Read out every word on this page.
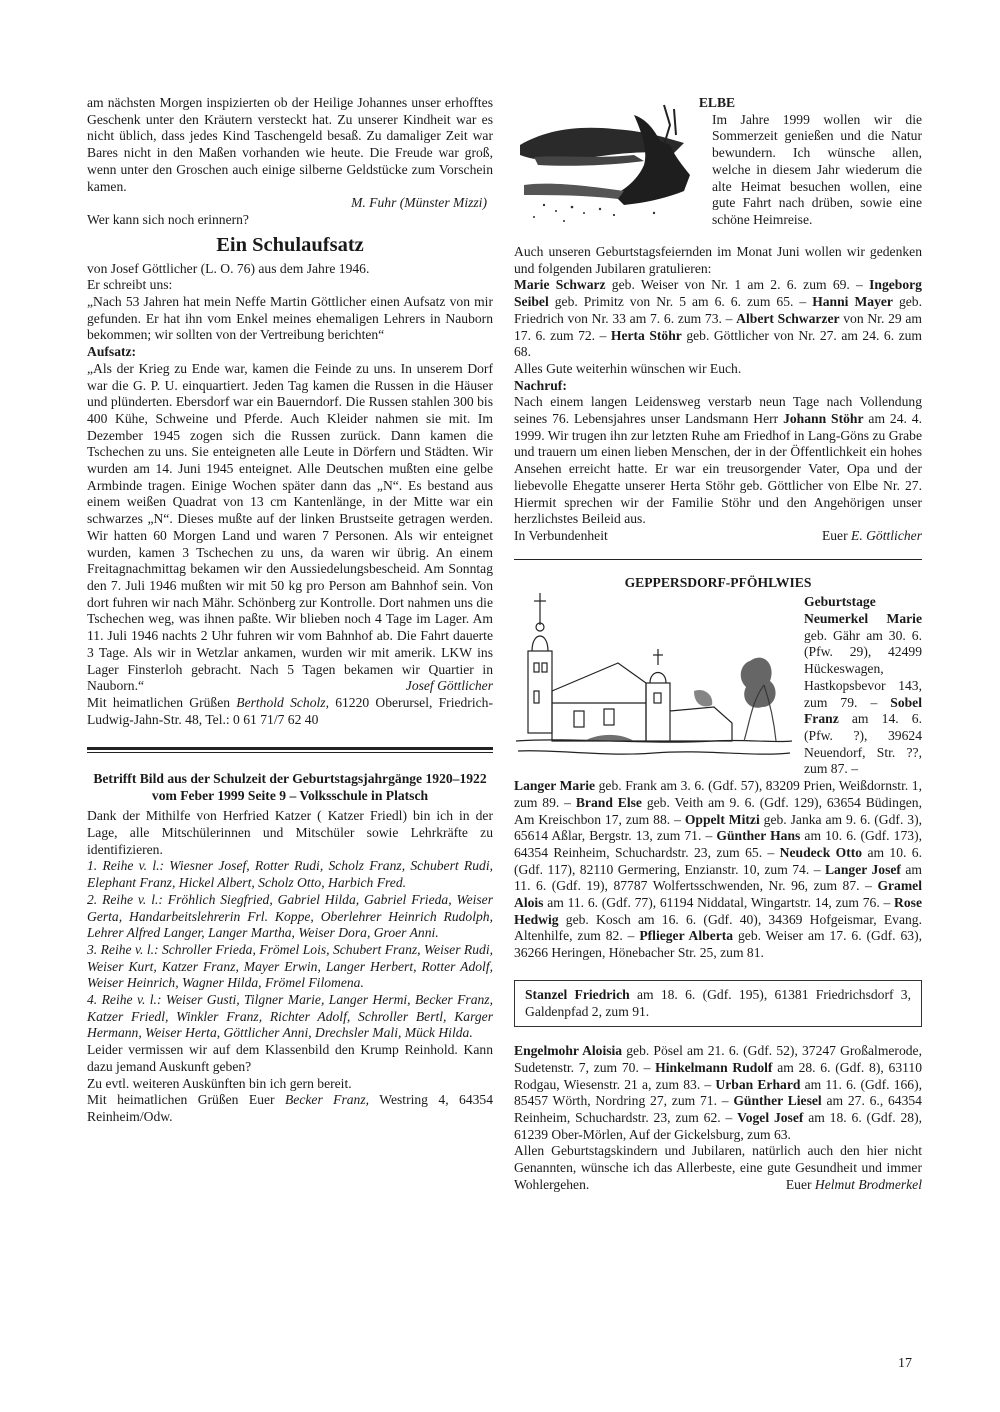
am nächsten Morgen inspizierten ob der Heilige Johannes unser erhofftes Geschenk unter den Kräutern versteckt hat. Zu unserer Kindheit war es nicht üblich, dass jedes Kind Taschengeld besaß. Zu damaliger Zeit war Bares nicht in den Maßen vorhanden wie heute. Die Freude war groß, wenn unter den Groschen auch einige silberne Geldstücke zum Vorschein kamen.

M. Fuhr (Münster Mizzi)

Wer kann sich noch erinnern?

Ein Schulaufsatz

von Josef Göttlicher (L. O. 76) aus dem Jahre 1946.

Er schreibt uns:

„Nach 53 Jahren hat mein Neffe Martin Göttlicher einen Aufsatz von mir gefunden. Er hat ihn vom Enkel meines ehemaligen Lehrers in Nauborn bekommen; wir sollten von der Vertreibung berichten“

Aufsatz:

„Als der Krieg zu Ende war, kamen die Feinde zu uns. In unserem Dorf war die G. P. U. einquartiert. Jeden Tag kamen die Russen in die Häuser und plünderten. Ebersdorf war ein Bauerndorf. Die Russen stahlen 300 bis 400 Kühe, Schweine und Pferde. Auch Kleider nahmen sie mit. Im Dezember 1945 zogen sich die Russen zurück. Dann kamen die Tschechen zu uns. Sie enteigneten alle Leute in Dörfern und Städten. Wir wurden am 14. Juni 1945 enteignet. Alle Deutschen mußten eine gelbe Armbinde tragen. Einige Wochen später dann das „N“. Es bestand aus einem weißen Quadrat von 13 cm Kantenlänge, in der Mitte war ein schwarzes „N“. Dieses mußte auf der linken Brustseite getragen werden. Wir hatten 60 Morgen Land und waren 7 Personen. Als wir enteignet wurden, kamen 3 Tschechen zu uns, da waren wir übrig. An einem Freitagnachmittag bekamen wir den Aussiedelungsbescheid. Am Sonntag den 7. Juli 1946 mußten wir mit 50 kg pro Person am Bahnhof sein. Von dort fuhren wir nach Mähr. Schönberg zur Kontrolle. Dort nahmen uns die Tschechen weg, was ihnen paßte. Wir blieben noch 4 Tage im Lager. Am 11. Juli 1946 nachts 2 Uhr fuhren wir vom Bahnhof ab. Die Fahrt dauerte 3 Tage. Als wir in Wetzlar ankamen, wurden wir mit amerik. LKW ins Lager Finsterloh gebracht. Nach 5 Tagen bekamen wir Quartier in Nauborn.“	Josef Göttlicher

Mit heimatlichen Grüßen Berthold Scholz, 61220 Oberursel, Friedrich-Ludwig-Jahn-Str. 48, Tel.: 0 61 71/7 62 40

Betrifft Bild aus der Schulzeit der Geburtstagsjahrgänge 1920–1922 vom Feber 1999 Seite 9 – Volksschule in Platsch

Dank der Mithilfe von Herfried Katzer ( Katzer Friedl) bin ich in der Lage, alle Mitschülerinnen und Mitschüler sowie Lehrkräfte zu identifizieren.

1. Reihe v. l.: Wiesner Josef, Rotter Rudi, Scholz Franz, Schubert Rudi, Elephant Franz, Hickel Albert, Scholz Otto, Harbich Fred.

2. Reihe v. l.: Fröhlich Siegfried, Gabriel Hilda, Gabriel Frieda, Weiser Gerta, Handarbeitslehrerin Frl. Koppe, Oberlehrer Heinrich Rudolph, Lehrer Alfred Langer, Langer Martha, Weiser Dora, Groer Anni.

3. Reihe v. l.: Schroller Frieda, Frömel Lois, Schubert Franz, Weiser Rudi, Weiser Kurt, Katzer Franz, Mayer Erwin, Langer Herbert, Rotter Adolf, Weiser Heinrich, Wagner Hilda, Frömel Filomena.

4. Reihe v. l.: Weiser Gusti, Tilgner Marie, Langer Hermi, Becker Franz, Katzer Friedl, Winkler Franz, Richter Adolf, Schroller Bertl, Karger Hermann, Weiser Herta, Göttlicher Anni, Drechsler Mali, Mück Hilda.

Leider vermissen wir auf dem Klassenbild den Krump Reinhold. Kann dazu jemand Auskunft geben?

Zu evtl. weiteren Auskünften bin ich gern bereit.

Mit heimatlichen Grüßen Euer Becker Franz, Westring 4, 64354 Reinheim/Odw.

ELBE

Im Jahre 1999 wollen wir die Sommerzeit genießen und die Natur bewundern. Ich wünsche allen, welche in diesem Jahr wiederum die alte Heimat besuchen wollen, eine gute Fahrt nach drüben, sowie eine schöne Heimreise.

Auch unseren Geburtstagsfeiernden im Monat Juni wollen wir gedenken und folgenden Jubilaren gratulieren:

Marie Schwarz geb. Weiser von Nr. 1 am 2. 6. zum 69. – Ingeborg Seibel geb. Primitz von Nr. 5 am 6. 6. zum 65. – Hanni Mayer geb. Friedrich von Nr. 33 am 7. 6. zum 73. – Albert Schwarzer von Nr. 29 am 17. 6. zum 72. – Herta Stöhr geb. Göttlicher von Nr. 27. am 24. 6. zum 68.

Alles Gute weiterhin wünschen wir Euch.

Nachruf:

Nach einem langen Leidensweg verstarb neun Tage nach Vollendung seines 76. Lebensjahres unser Landsmann Herr Johann Stöhr am 24. 4. 1999. Wir trugen ihn zur letzten Ruhe am Friedhof in Lang-Göns zu Grabe und trauern um einen lieben Menschen, der in der Öffentlichkeit ein hohes Ansehen erreicht hatte. Er war ein treusorgender Vater, Opa und der liebevolle Ehegatte unserer Herta Stöhr geb. Göttlicher von Elbe Nr. 27. Hiermit sprechen wir der Familie Stöhr und den Angehörigen unser herzlichstes Beileid aus.

In Verbundenheit	Euer E. Göttlicher
GEPPERSDORF-PFÖHLWIES

Geburtstage

Neumerkel Marie geb. Gähr am 30. 6. (Pfw. 29), 42499 Hückeswagen, Hastkopsbevor 143, zum 79. – Sobel Franz am 14. 6. (Pfw. ?), 39624 Neuendorf, Str. ??, zum 87. –

Langer Marie geb. Frank am 3. 6. (Gdf. 57), 83209 Prien, Weißdornstr. 1, zum 89. – Brand Else geb. Veith am 9. 6. (Gdf. 129), 63654 Büdingen, Am Kreischbon 17, zum 88. – Oppelt Mitzi geb. Janka am 9. 6. (Gdf. 3), 65614 Aßlar, Bergstr. 13, zum 71. – Günther Hans am 10. 6. (Gdf. 173), 64354 Reinheim, Schuchardstr. 23, zum 65. – Neudeck Otto am 10. 6. (Gdf. 117), 82110 Germering, Enzianstr. 10, zum 74. – Langer Josef am 11. 6. (Gdf. 19), 87787 Wolfertsschwenden, Nr. 96, zum 87. – Gramel Alois am 11. 6. (Gdf. 77), 61194 Niddatal, Wingartstr. 14, zum 76. – Rose Hedwig geb. Kosch am 16. 6. (Gdf. 40), 34369 Hofgeismar, Evang. Altenhilfe, zum 82. – Pflieger Alberta geb. Weiser am 17. 6. (Gdf. 63), 36266 Heringen, Hönebacher Str. 25, zum 81.

Stanzel Friedrich am 18. 6. (Gdf. 195), 61381 Friedrichsdorf 3, Galdenpfad 2, zum 91.

Engelmohr Aloisia geb. Pösel am 21. 6. (Gdf. 52), 37247 Großalmerode, Sudetenstr. 7, zum 70. – Hinkelmann Rudolf am 28. 6. (Gdf. 8), 63110 Rodgau, Wiesenstr. 21 a, zum 83. – Urban Erhard am 11. 6. (Gdf. 166), 85457 Wörth, Nordring 27, zum 71. – Günther Liesel am 27. 6., 64354 Reinheim, Schuchardstr. 23, zum 62. – Vogel Josef am 18. 6. (Gdf. 28), 61239 Ober-Mörlen, Auf der Gickelsburg, zum 63.

Allen Geburtstagskindern und Jubilaren, natürlich auch den hier nicht Genannten, wünsche ich das Allerbeste, eine gute Gesundheit und immer Wohlergehen.	Euer Helmut Brodmerkel

17
